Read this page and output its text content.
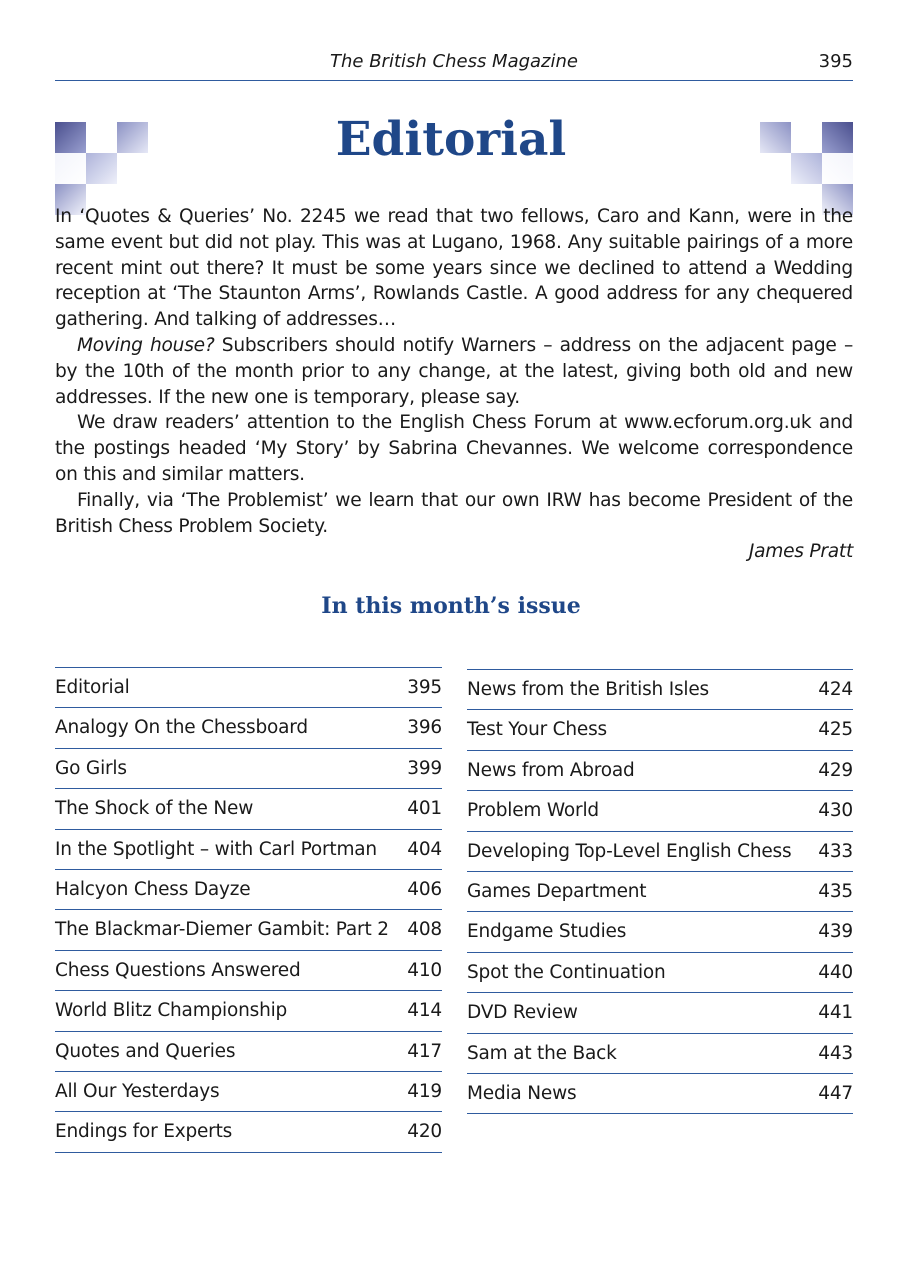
The British Chess Magazine	395
Editorial

In ‘Quotes & Queries’ No. 2245 we read that two fellows, Caro and Kann, were in the same event but did not play. This was at Lugano, 1968. Any suitable pairings of a more recent mint out there? It must be some years since we declined to attend a Wedding reception at ‘The Staunton Arms’, Rowlands Castle. A good address for any chequered gathering. And talking of addresses…

Moving house? Subscribers should notify Warners – address on the adjacent page – by the 10th of the month prior to any change, at the latest, giving both old and new addresses. If the new one is temporary, please say.

We draw readers’ attention to the English Chess Forum at www.ecforum.org.uk and the postings headed ‘My Story’ by Sabrina Chevannes. We welcome correspondence on this and similar matters.

Finally, via ‘The Problemist’ we learn that our own IRW has become President of the British Chess Problem Society.

James Pratt

In this month’s issue
Editorial	395
Analogy On the Chessboard	396
Go Girls	399
The Shock of the New	401
In the Spotlight – with Carl Portman 404
Halcyon Chess Dayze	406
The Blackmar-Diemer Gambit: Part 2 408
Chess Questions Answered	410
World Blitz Championship	414
Quotes and Queries	417
All Our Yesterdays	419
Endings for Experts	420
News from the British Isles	424
Test Your Chess	425
News from Abroad	429
Problem World	430
Developing Top-Level English Chess 433
Games Department	435
Endgame Studies	439
Spot the Continuation	440
DVD Review	441
Sam at the Back	443
Media News	447
